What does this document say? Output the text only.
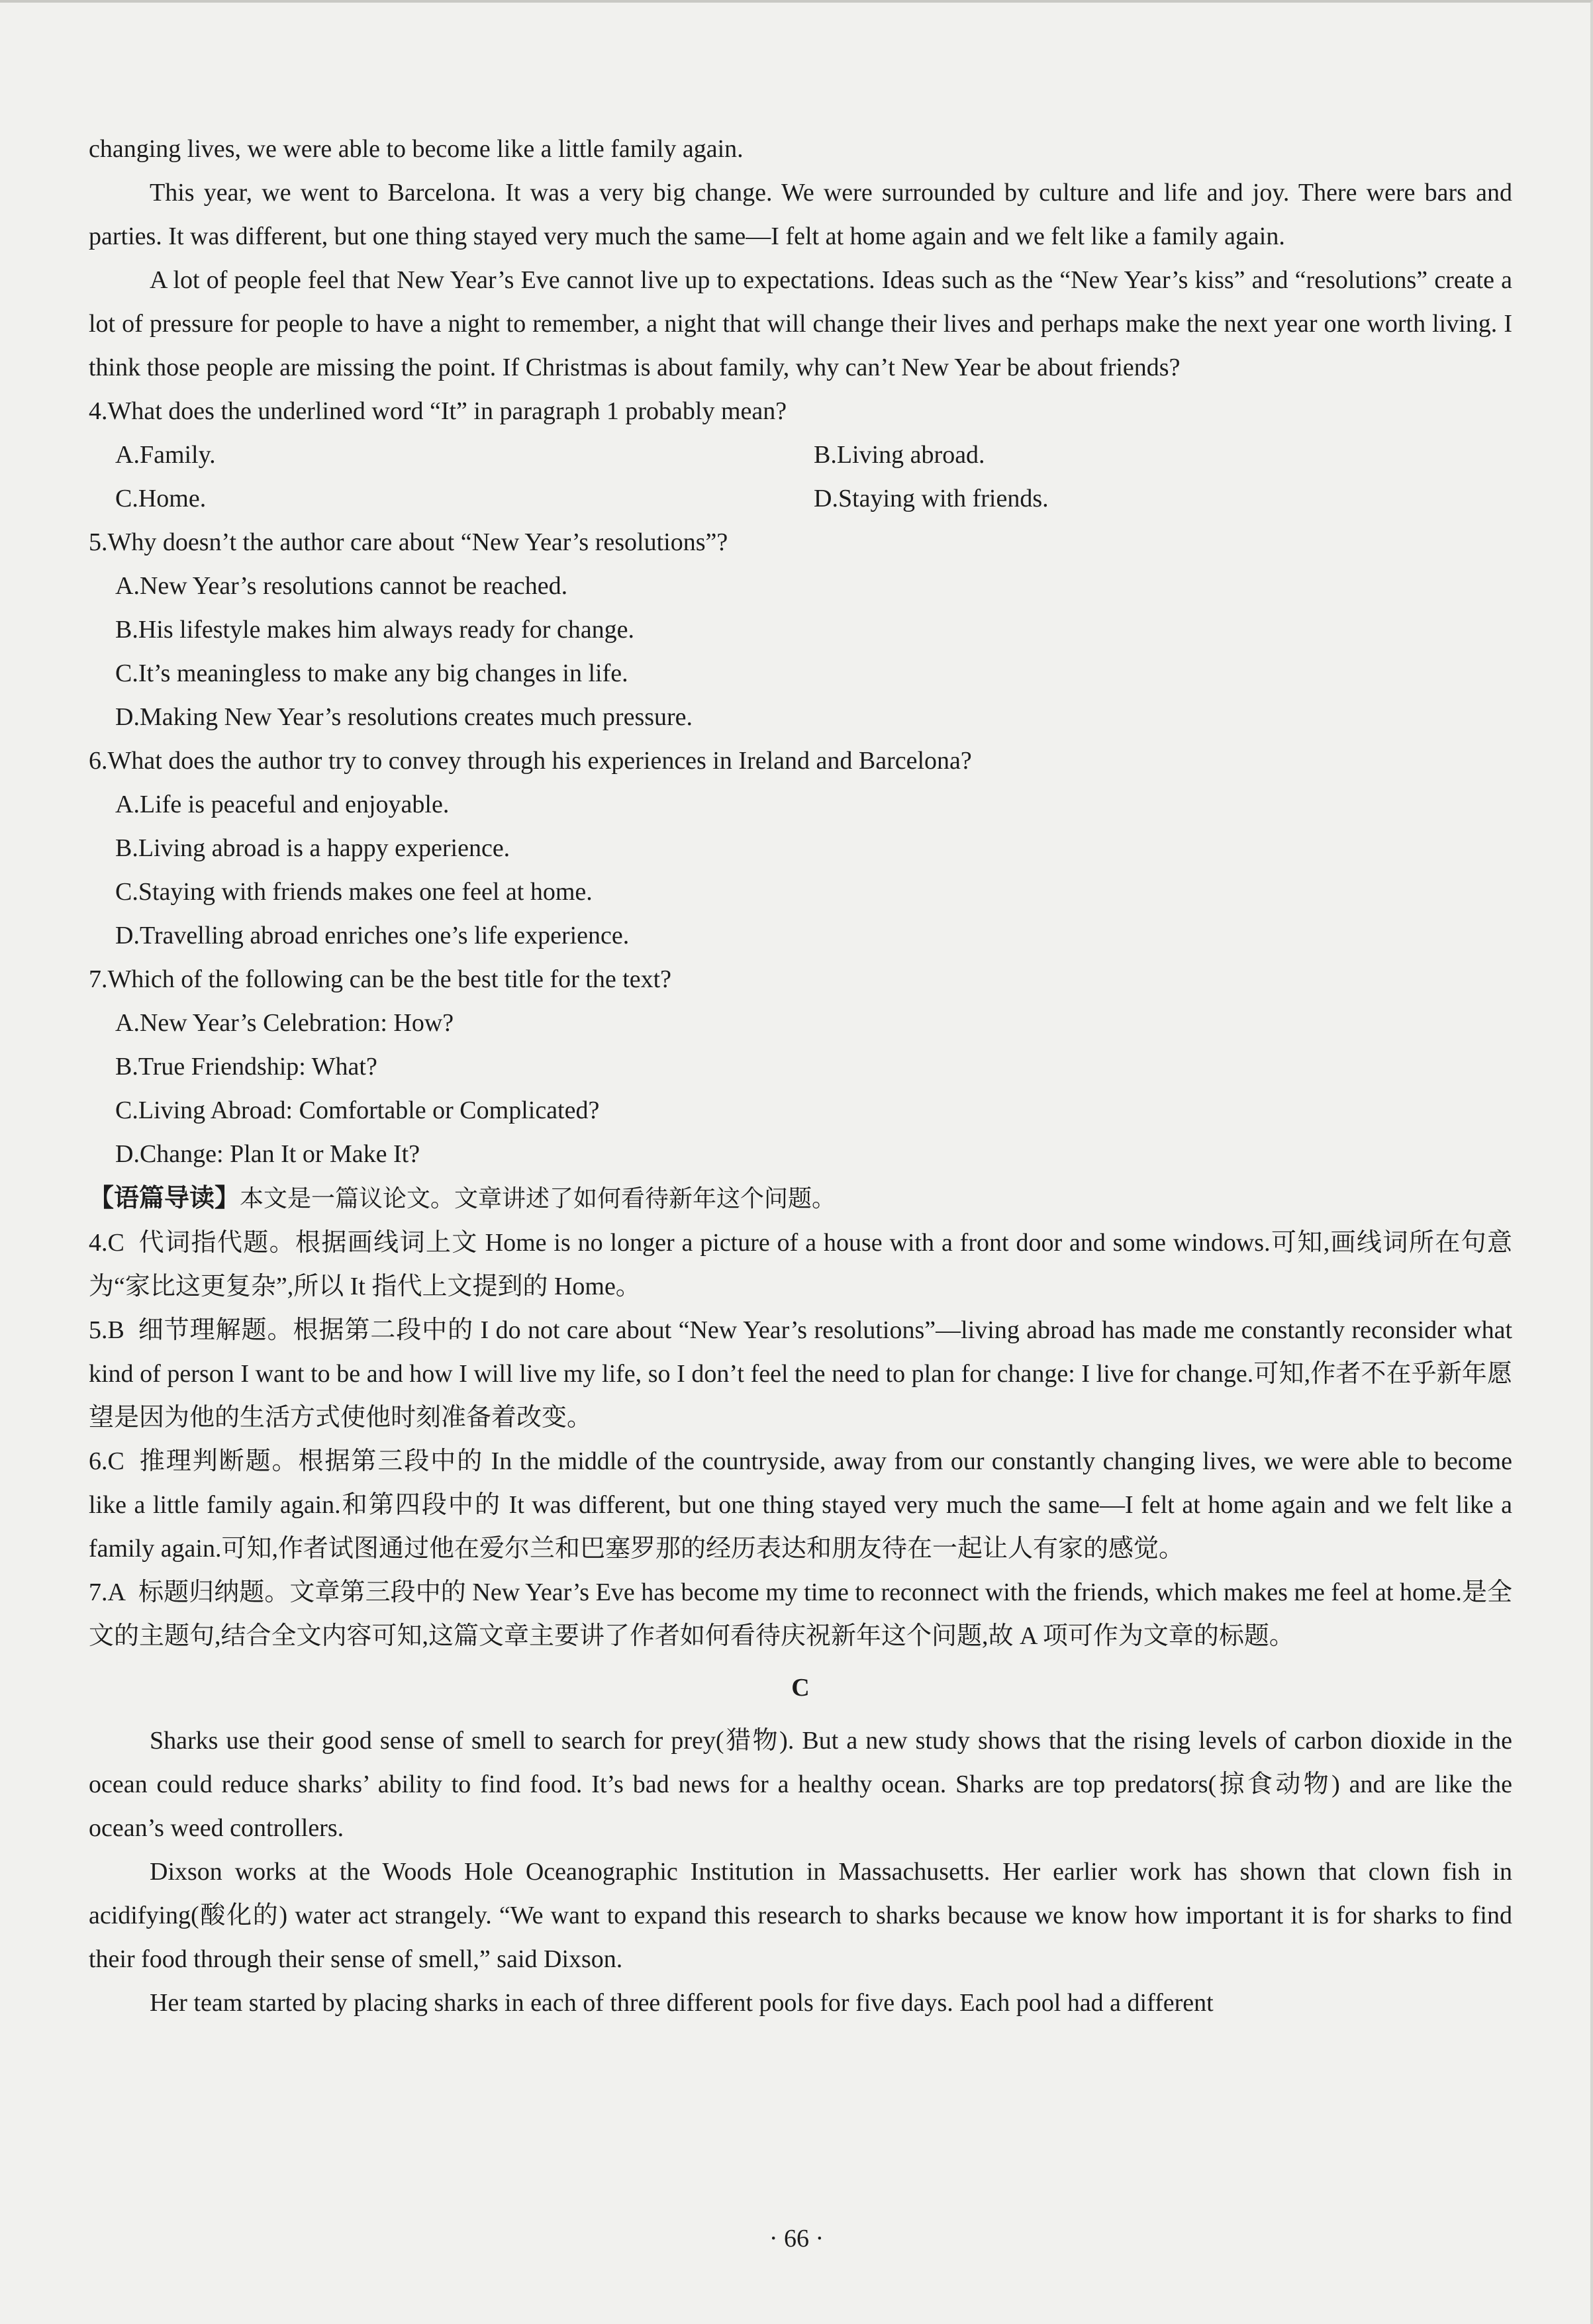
changing lives, we were able to become like a little family again.

This year, we went to Barcelona. It was a very big change. We were surrounded by culture and life and joy. There were bars and parties. It was different, but one thing stayed very much the same—I felt at home again and we felt like a family again.

A lot of people feel that New Year’s Eve cannot live up to expectations. Ideas such as the “New Year’s kiss” and “resolutions” create a lot of pressure for people to have a night to remember, a night that will change their lives and perhaps make the next year one worth living. I think those people are missing the point. If Christmas is about family, why can’t New Year be about friends?

4.What does the underlined word “It” in paragraph 1 probably mean?

A.Family.	B.Living abroad.
C.Home.	D.Staying with friends.

5.Why doesn’t the author care about “New Year’s resolutions”?

A.New Year’s resolutions cannot be reached.
B.His lifestyle makes him always ready for change.
C.It’s meaningless to make any big changes in life.
D.Making New Year’s resolutions creates much pressure.

6.What does the author try to convey through his experiences in Ireland and Barcelona?

A.Life is peaceful and enjoyable.
B.Living abroad is a happy experience.
C.Staying with friends makes one feel at home.
D.Travelling abroad enriches one’s life experience.

7.Which of the following can be the best title for the text?

A.New Year’s Celebration: How?
B.True Friendship: What?
C.Living Abroad: Comfortable or Complicated?
D.Change: Plan It or Make It?

【语篇导读】本文是一篇议论文。文章讲述了如何看待新年这个问题。

4.C 代词指代题。根据画线词上文 Home is no longer a picture of a house with a front door and some windows.可知,画线词所在句意为“家比这更复杂”,所以 It 指代上文提到的 Home。

5.B 细节理解题。根据第二段中的 I do not care about “New Year’s resolutions”—living abroad has made me constantly reconsider what kind of person I want to be and how I will live my life, so I don’t feel the need to plan for change: I live for change.可知,作者不在乎新年愿望是因为他的生活方式使他时刻准备着改变。

6.C 推理判断题。根据第三段中的 In the middle of the countryside, away from our constantly changing lives, we were able to become like a little family again.和第四段中的 It was different, but one thing stayed very much the same—I felt at home again and we felt like a family again.可知,作者试图通过他在爱尔兰和巴塞罗那的经历表达和朋友待在一起让人有家的感觉。

7.A 标题归纳题。文章第三段中的 New Year’s Eve has become my time to reconnect with the friends, which makes me feel at home.是全文的主题句,结合全文内容可知,这篇文章主要讲了作者如何看待庆祝新年这个问题,故 A 项可作为文章的标题。

C

Sharks use their good sense of smell to search for prey(猎物). But a new study shows that the rising levels of carbon dioxide in the ocean could reduce sharks’ ability to find food. It’s bad news for a healthy ocean. Sharks are top predators(掠食动物) and are like the ocean’s weed controllers.

Dixson works at the Woods Hole Oceanographic Institution in Massachusetts. Her earlier work has shown that clown fish in acidifying(酸化的) water act strangely. “We want to expand this research to sharks because we know how important it is for sharks to find their food through their sense of smell,” said Dixson.

Her team started by placing sharks in each of three different pools for five days. Each pool had a different

· 66 ·
